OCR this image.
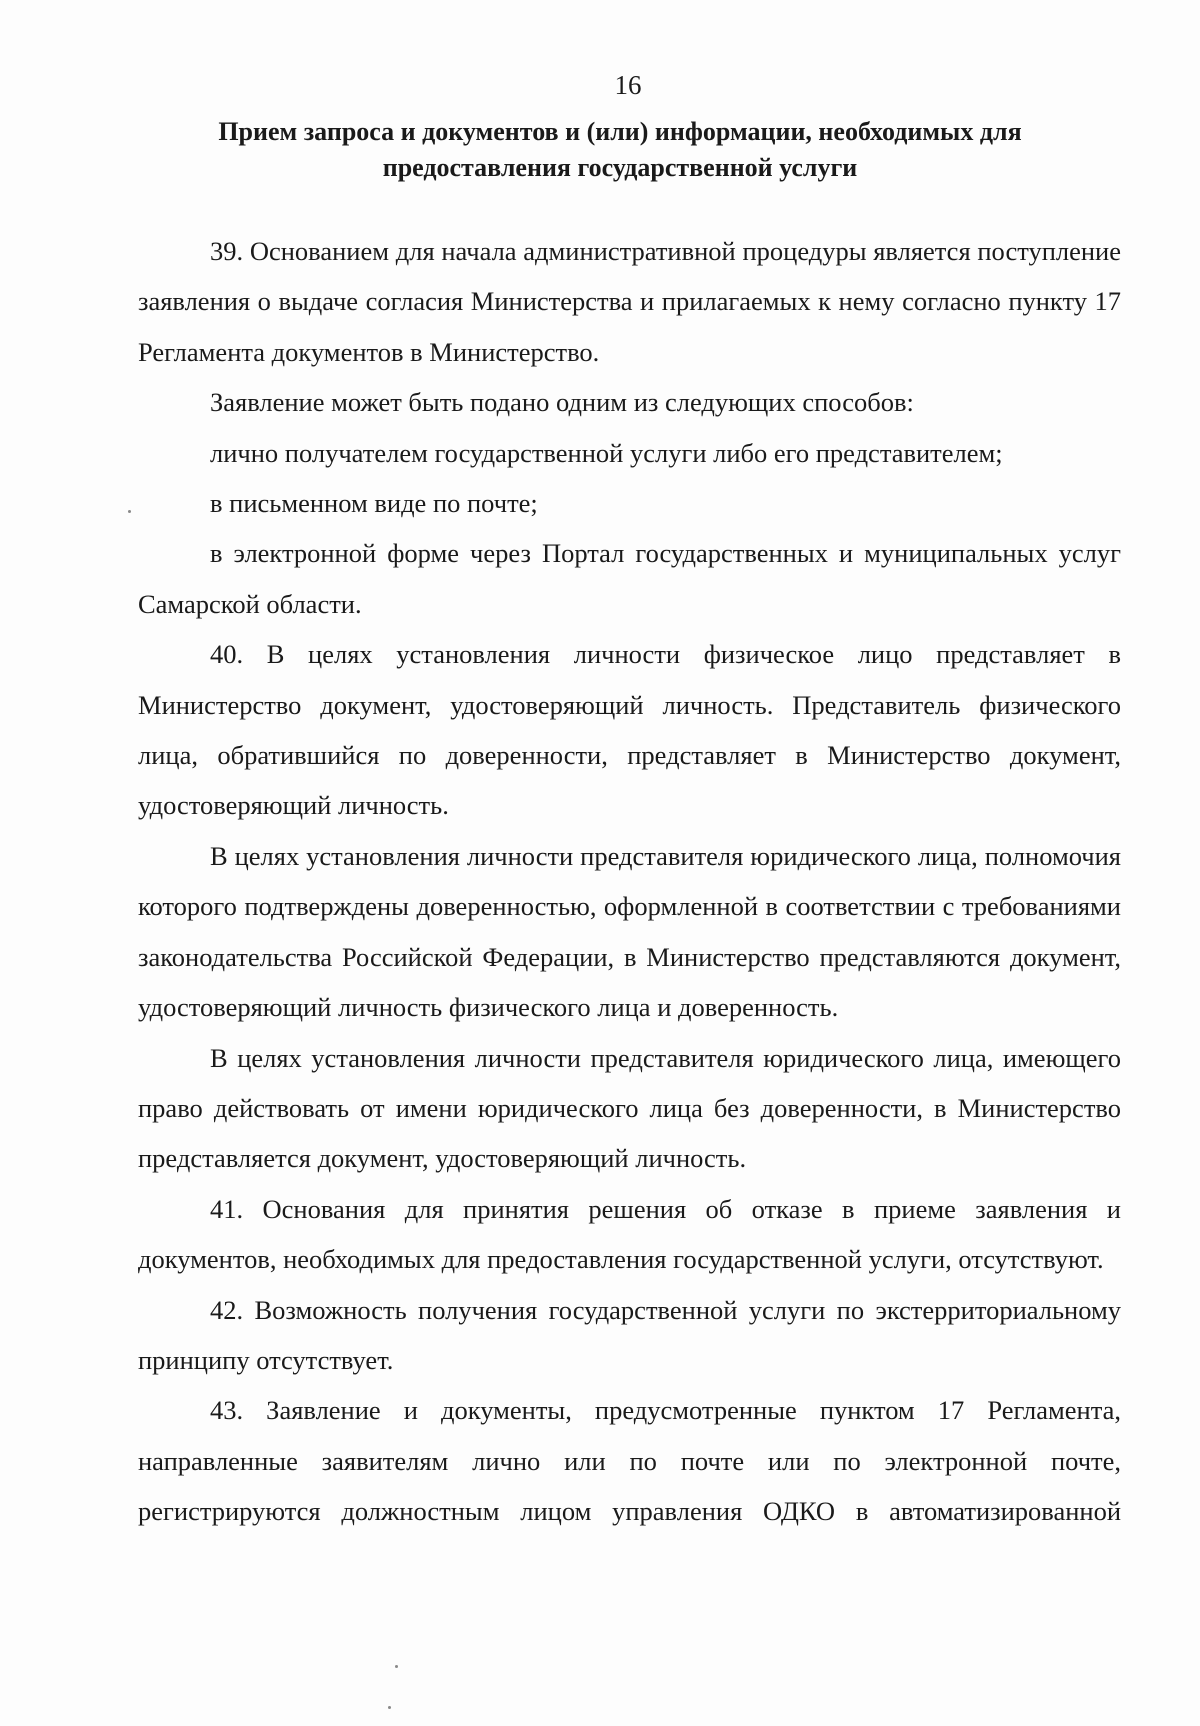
16
Прием запроса и документов и (или) информации, необходимых для предоставления государственной услуги

39. Основанием для начала административной процедуры является поступление заявления о выдаче согласия Министерства и прилагаемых к нему согласно пункту 17 Регламента документов в Министерство.

Заявление может быть подано одним из следующих способов:

лично получателем государственной услуги либо его представителем;

в письменном виде по почте;

в электронной форме через Портал государственных и муниципальных услуг Самарской области.

40. В целях установления личности физическое лицо представляет в Министерство документ, удостоверяющий личность. Представитель физического лица, обратившийся по доверенности, представляет в Министерство документ, удостоверяющий личность.

В целях установления личности представителя юридического лица, полномочия которого подтверждены доверенностью, оформленной в соответствии с требованиями законодательства Российской Федерации, в Министерство представляются документ, удостоверяющий личность физического лица и доверенность.

В целях установления личности представителя юридического лица, имеющего право действовать от имени юридического лица без доверенности, в Министерство представляется документ, удостоверяющий личность.

41. Основания для принятия решения об отказе в приеме заявления и документов, необходимых для предоставления государственной услуги, отсутствуют.

42. Возможность получения государственной услуги по экстерриториальному принципу отсутствует.

43. Заявление и документы, предусмотренные пунктом 17 Регламента, направленные заявителям лично или по почте или по электронной почте, регистрируются должностным лицом управления ОДКО в автоматизированной
